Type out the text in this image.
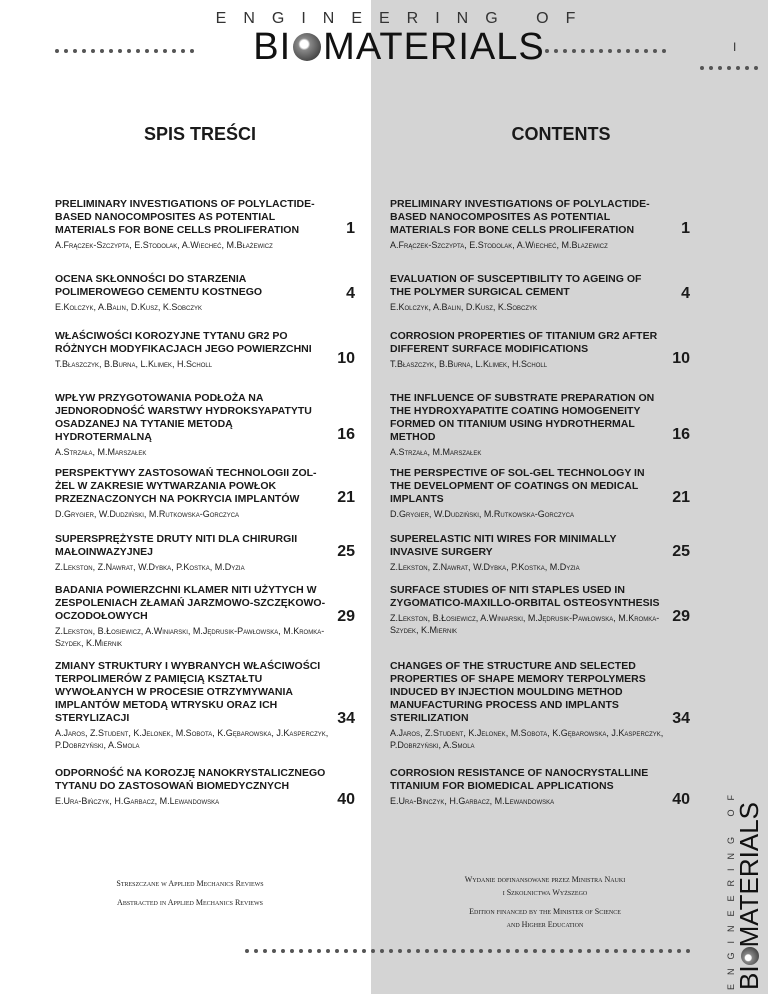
ENGINEERING OF
BI MATERIALS	I
SPIS TREŚCI	CONTENTS
PRELIMINARY INVESTIGATIONS OF POLYLACTIDE-BASED NANOCOMPOSITES AS POTENTIAL MATERIALS FOR BONE CELLS PROLIFERATION
A.Frączek-Szczypta, E.Stodolak, A.Wiecheć, M.Błażewicz
1
OCENA SKŁONNOŚCI DO STARZENIA POLIMEROWEGO CEMENTU KOSTNEGO
E.Kolczyk, A.Balin, D.Kusz, K.Sobczyk
4
WŁAŚCIWOŚCI KOROZYJNE TYTANU GR2 PO RÓŻNYCH MODYFIKACJACH JEGO POWIERZCHNI
T.Błaszczyk, B.Burna, L.Klimek, H.Scholl	10
WPŁYW PRZYGOTOWANIA PODŁOŻA NA JEDNORODNOŚĆ WARSTWY HYDROKSYAPATYTU OSADZANEJ NA TYTANIE METODĄ HYDROTERMALNĄ
A.Strzała, M.Marszałek
16
PERSPEKTYWY ZASTOSOWAŃ TECHNOLOGII ZOL-ŻEL W ZAKRESIE WYTWARZANIA POWŁOK PRZEZNACZONYCH NA POKRYCIA IMPLANTÓW
D.Grygier, W.Dudziński, M.Rutkowska-Gorczyca
21
SUPERSPRĘŻYSTE DRUTY NITI DLA CHIRURGII MAŁOINWAZYJNEJ
Z.Lekston, Z.Nawrat, W.Dybka, P.Kostka, M.Dyzia
25
BADANIA POWIERZCHNI KLAMER NITI UŻYTYCH W ZESPOLENIACH ZŁAMAŃ JARZMOWO-SZCZĘKOWO-OCZODOŁOWYCH
Z.Lekston, B.Łosiewicz, A.Winiarski, M.Jędrusik-Pawłowska, M.Kromka-Szydek, K.Miernik
29
ZMIANY STRUKTURY I WYBRANYCH WŁAŚCIWOŚCI TERPOLIMERÓW Z PAMIĘCIĄ KSZTAŁTU WYWOŁANYCH W PROCESIE OTRZYMYWANIA IMPLANTÓW METODĄ WTRYSKU ORAZ ICH STERYLIZACJI
A.Jaros, Z.Student, K.Jelonek, M.Sobota, K.Gębarowska, J.Kasperczyk, P.Dobrzyński, A.Smola
34
ODPORNOŚĆ NA KOROZJĘ NANOKRYSTALICZNEGO TYTANU DO ZASTOSOWAŃ BIOMEDYCZNYCH
E.Ura-Bińczyk, H.Garbacz, M.Lewandowska	40
PRELIMINARY INVESTIGATIONS OF POLYLACTIDE-BASED NANOCOMPOSITES AS POTENTIAL MATERIALS FOR BONE CELLS PROLIFERATION
A.Frączek-Szczypta, E.Stodolak, A.Wiecheć, M.Blazewicz
1
EVALUATION OF SUSCEPTIBILITY TO AGEING OF THE POLYMER SURGICAL CEMENT
E.Kolczyk, A.Balin, D.Kusz, K.Sobczyk
4
CORROSION PROPERTIES OF TITANIUM GR2 AFTER DIFFERENT SURFACE MODIFICATIONS
T.Błaszczyk, B.Burna, L.Klimek, H.Scholl	10
THE INFLUENCE OF SUBSTRATE PREPARATION ON THE HYDROXYAPATITE COATING HOMOGENEITY FORMED ON TITANIUM USING HYDROTHERMAL METHOD
A.Strzała, M.Marszałek
16
THE PERSPECTIVE OF SOL-GEL TECHNOLOGY IN THE DEVELOPMENT OF COATINGS ON MEDICAL IMPLANTS
D.Grygier, W.Dudziński, M.Rutkowska-Gorczyca
21
SUPERELASTIC NITI WIRES FOR MINIMALLY INVASIVE SURGERY
Z.Lekston, Z.Nawrat, W.Dybka, P.Kostka, M.Dyzia
25
SURFACE STUDIES OF NITI STAPLES USED IN ZYGOMATICO-MAXILLO-ORBITAL OSTEOSYNTHESIS
Z.Lekston, B.Łosiewicz, A.Winiarski, M.Jędrusik-Pawłowska, M.Kromka-Szydek, K.Miernik
29
CHANGES OF THE STRUCTURE AND SELECTED PROPERTIES OF SHAPE MEMORY TERPOLYMERS INDUCED BY INJECTION MOULDING METHOD MANUFACTURING PROCESS AND IMPLANTS STERILIZATION
A.Jaros, Z.Student, K.Jelonek, M.Sobota, K.Gębarowska, J.Kasperczyk, P.Dobrzyński, A.Smola
34
CORROSION RESISTANCE OF NANOCRYSTALLINE TITANIUM FOR BIOMEDICAL APPLICATIONS
E.Ura-Binczyk, H.Garbacz, M.Lewandowska	40
Streszczane w Applied Mechanics Reviews
Abstracted in Applied Mechanics Reviews
Wydanie dofinansowane przez Ministra Nauki
i Szkolnictwa Wyższego
Edition financed by the Minister of Science
and Higher Education	ENGINEERING OF
BIMATERIALS
